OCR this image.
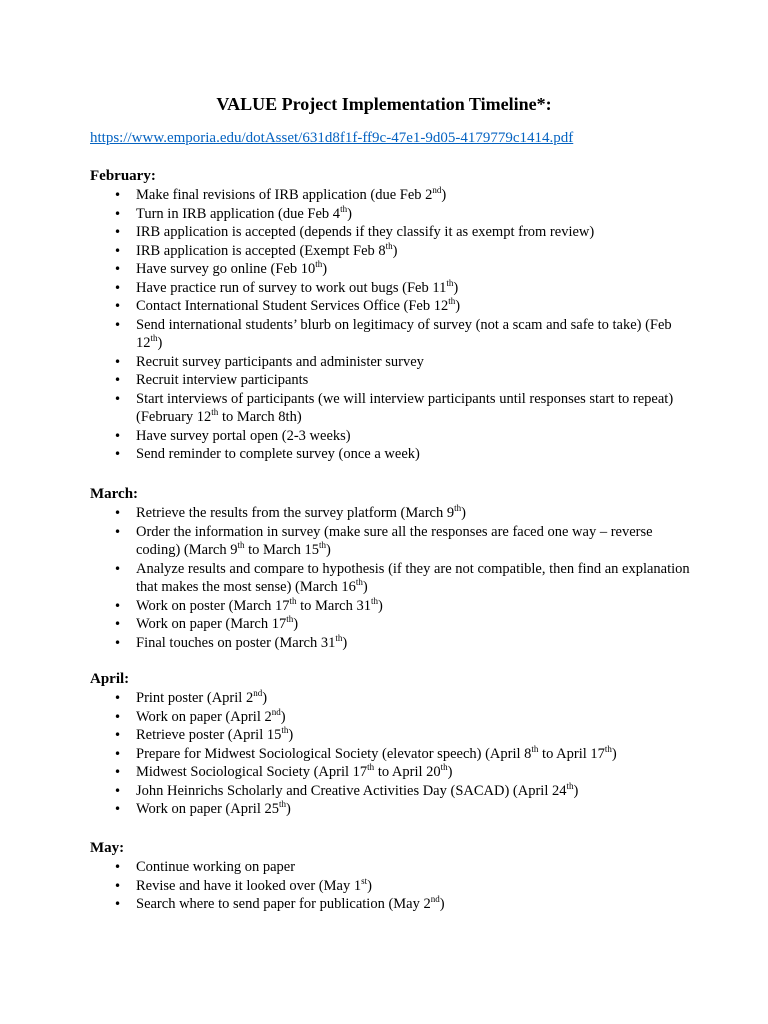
VALUE Project Implementation Timeline*:
https://www.emporia.edu/dotAsset/631d8f1f-ff9c-47e1-9d05-4179779c1414.pdf

February:

• Make final revisions of IRB application (due Feb 2nd)
• Turn in IRB application (due Feb 4th)
• IRB application is accepted (depends if they classify it as exempt from review)
• IRB application is accepted (Exempt Feb 8th)
• Have survey go online (Feb 10th)
• Have practice run of survey to work out bugs (Feb 11th)
• Contact International Student Services Office (Feb 12th)
• Send international students’ blurb on legitimacy of survey (not a scam and safe to take) (Feb 12th)
• Recruit survey participants and administer survey
• Recruit interview participants
• Start interviews of participants (we will interview participants until responses start to repeat) (February 12th to March 8th)
• Have survey portal open (2-3 weeks)
• Send reminder to complete survey (once a week)

March:

• Retrieve the results from the survey platform (March 9th)
• Order the information in survey (make sure all the responses are faced one way – reverse coding) (March 9th to March 15th)
• Analyze results and compare to hypothesis (if they are not compatible, then find an explanation that makes the most sense) (March 16th)
• Work on poster (March 17th to March 31th)
• Work on paper (March 17th)
• Final touches on poster (March 31th)

April:

• Print poster (April 2nd)
• Work on paper (April 2nd)
• Retrieve poster (April 15th)
• Prepare for Midwest Sociological Society (elevator speech) (April 8th to April 17th)
• Midwest Sociological Society (April 17th to April 20th)
• John Heinrichs Scholarly and Creative Activities Day (SACAD) (April 24th)
• Work on paper (April 25th)

May:

• Continue working on paper
• Revise and have it looked over (May 1st)
• Search where to send paper for publication (May 2nd)
